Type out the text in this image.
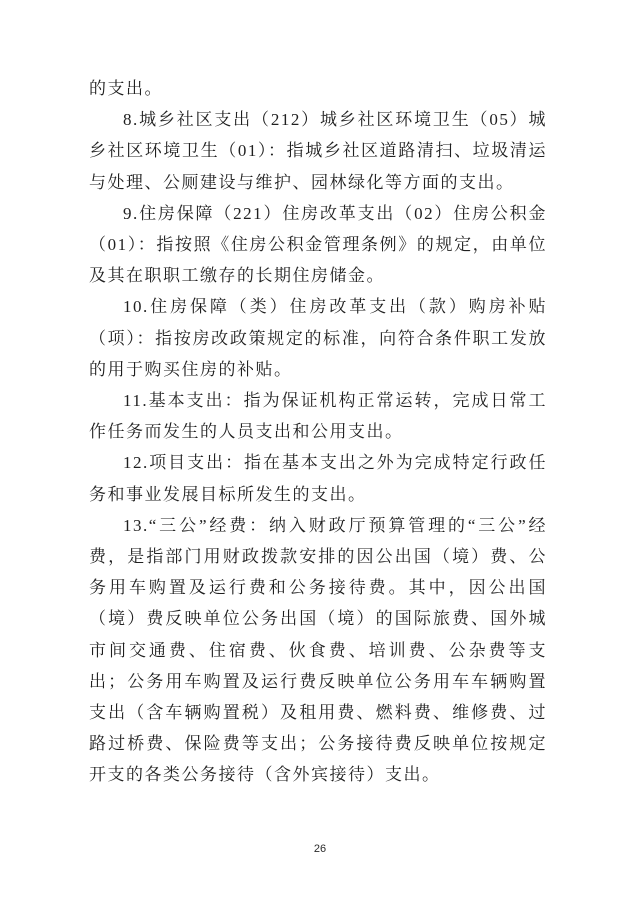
的支出。

8.城乡社区支出（212）城乡社区环境卫生（05）城乡社区环境卫生（01）：指城乡社区道路清扫、垃圾清运与处理、公厕建设与维护、园林绿化等方面的支出。

9.住房保障（221）住房改革支出（02）住房公积金（01）：指按照《住房公积金管理条例》的规定，由单位及其在职职工缴存的长期住房储金。

10.住房保障（类）住房改革支出（款）购房补贴（项）：指按房改政策规定的标准，向符合条件职工发放的用于购买住房的补贴。

11.基本支出：指为保证机构正常运转，完成日常工作任务而发生的人员支出和公用支出。

12.项目支出：指在基本支出之外为完成特定行政任务和事业发展目标所发生的支出。

13.“三公”经费：纳入财政厅预算管理的“三公”经费，是指部门用财政拨款安排的因公出国（境）费、公务用车购置及运行费和公务接待费。其中，因公出国（境）费反映单位公务出国（境）的国际旅费、国外城市间交通费、住宿费、伙食费、培训费、公杂费等支出；公务用车购置及运行费反映单位公务用车车辆购置支出（含车辆购置税）及租用费、燃料费、维修费、过路过桥费、保险费等支出；公务接待费反映单位按规定开支的各类公务接待（含外宾接待）支出。

26
